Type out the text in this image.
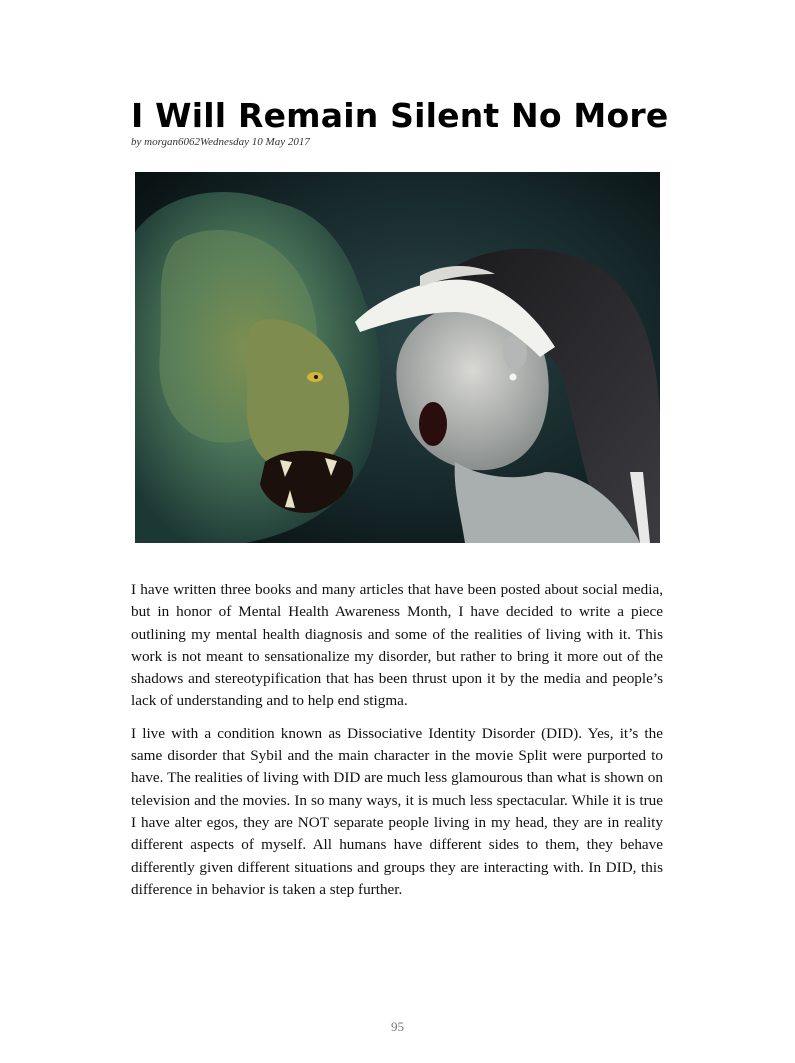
I Will Remain Silent No More
by morgan6062Wednesday 10 May 2017

I have written three books and many articles that have been posted about social media, but in honor of Mental Health Awareness Month, I have decided to write a piece outlining my mental health diagnosis and some of the realities of living with it. This work is not meant to sensationalize my disorder, but rather to bring it more out of the shadows and stereotypification that has been thrust upon it by the media and people’s lack of understanding and to help end stigma.

I live with a condition known as Dissociative Identity Disorder (DID). Yes, it’s the same disorder that Sybil and the main character in the movie Split were purported to have. The realities of living with DID are much less glamourous than what is shown on television and the movies. In so many ways, it is much less spectacular. While it is true I have alter egos, they are NOT separate people living in my head, they are in reality different aspects of myself. All humans have different sides to them, they behave differently given different situations and groups they are interacting with. In DID, this difference in behavior is taken a step further.

95
